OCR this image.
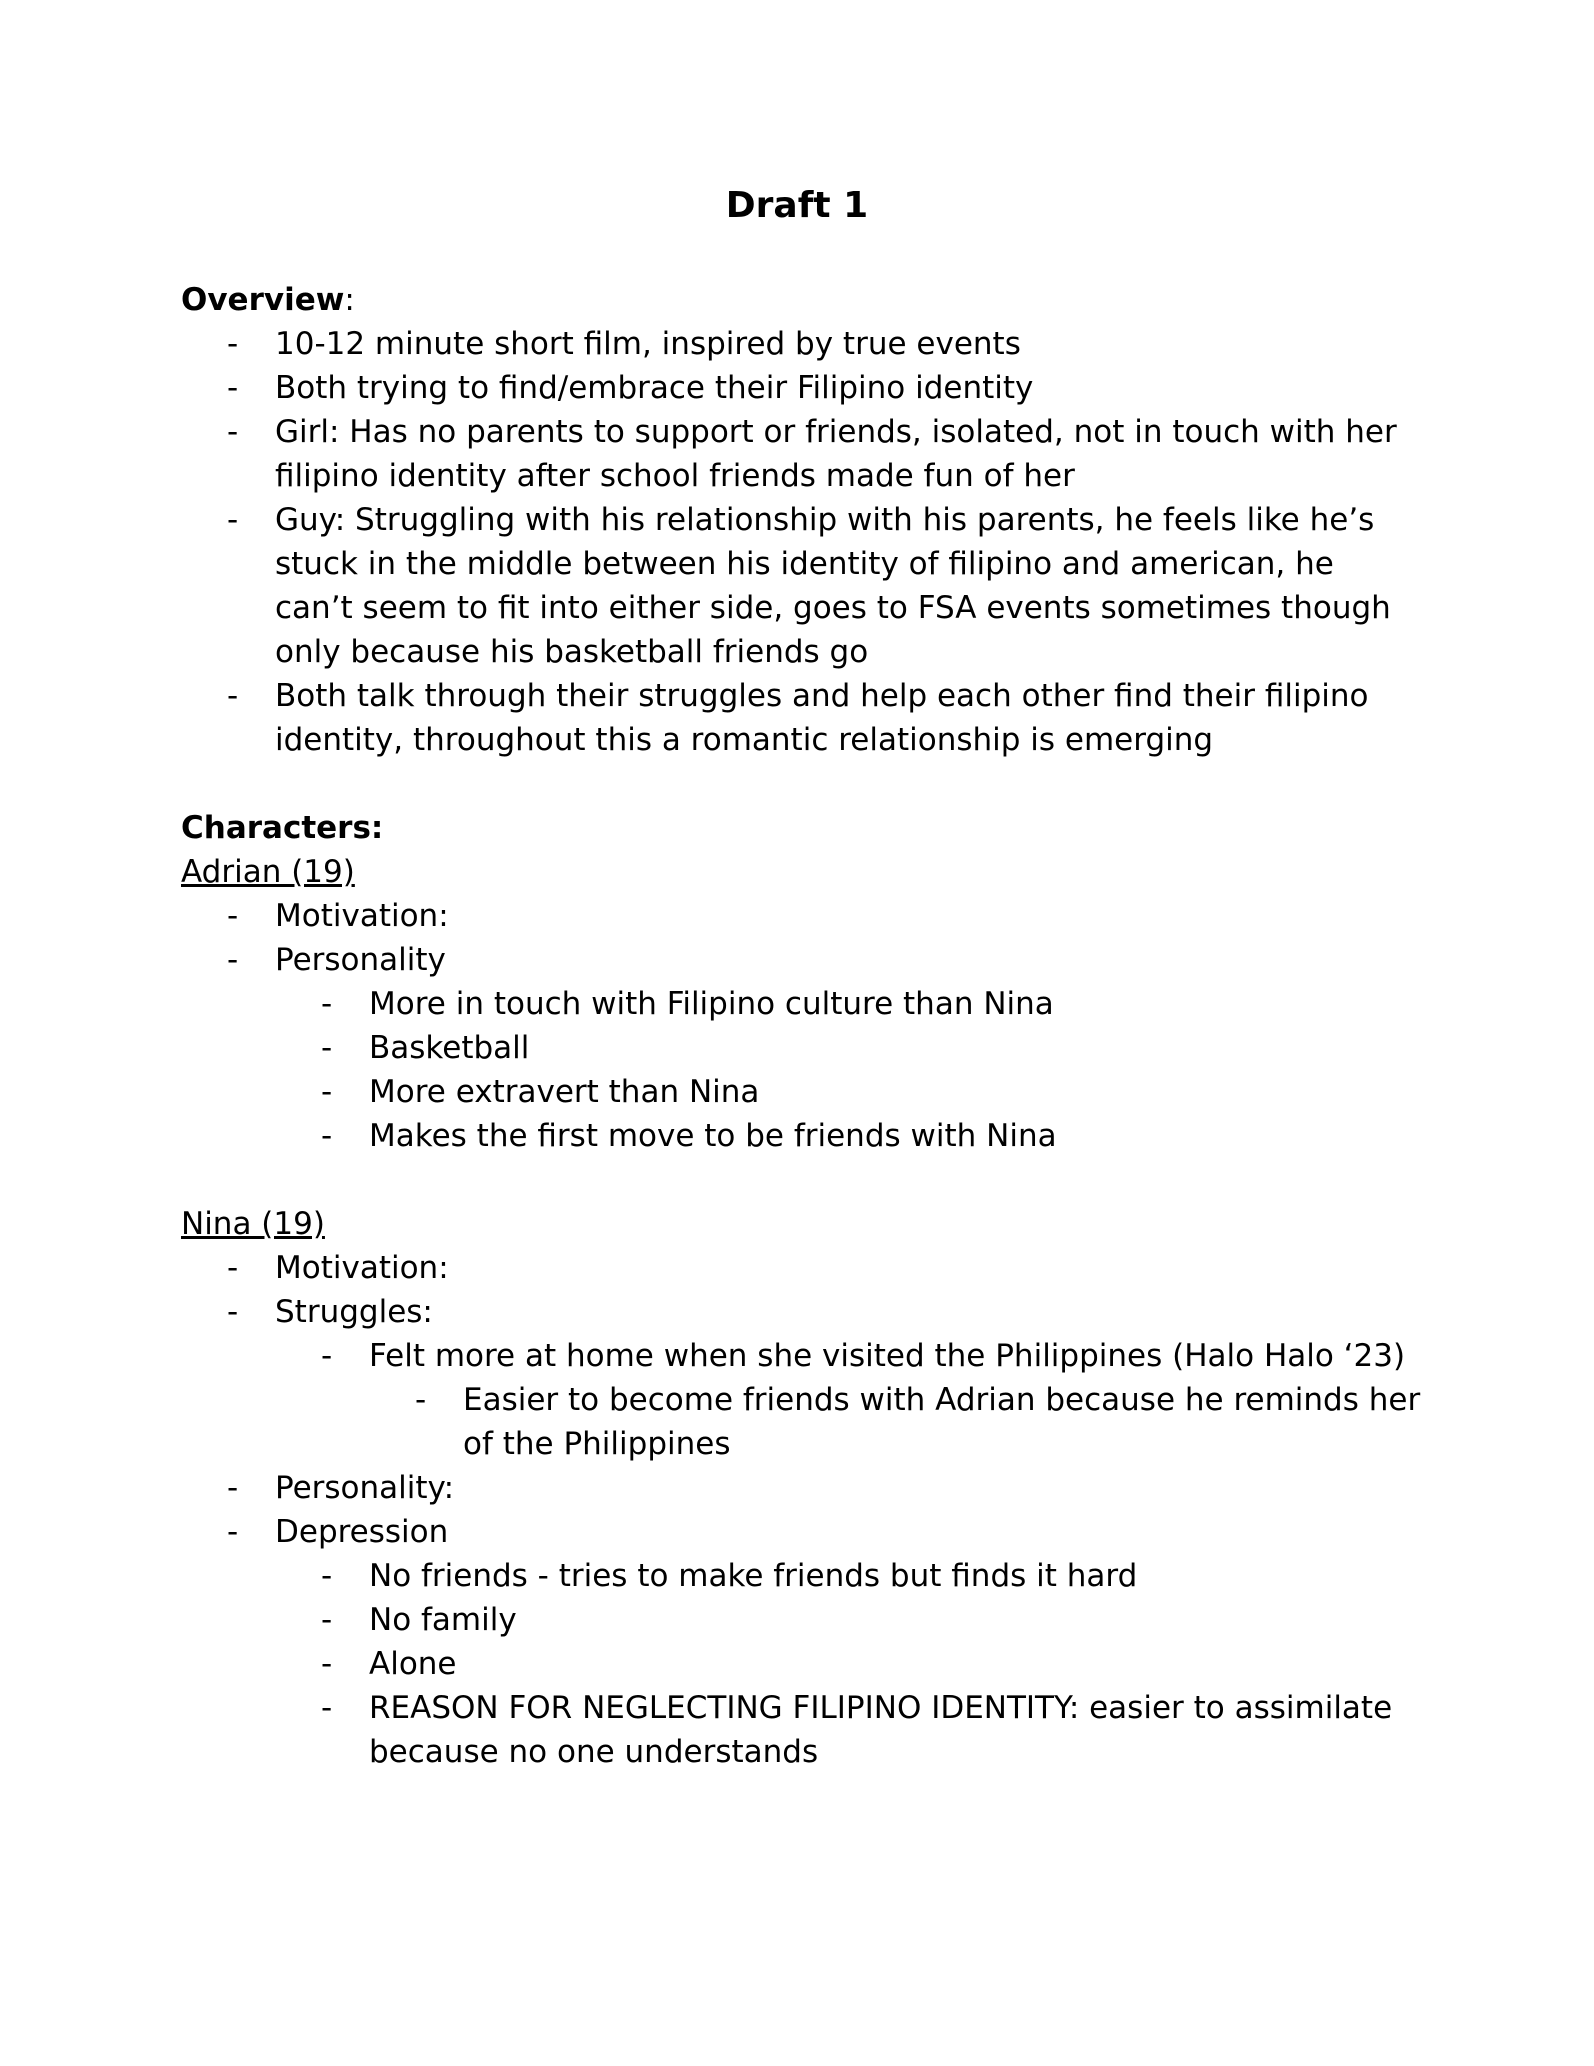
Draft 1
Overview:
- 10-12 minute short film, inspired by true events
- Both trying to find/embrace their Filipino identity
- Girl: Has no parents to support or friends, isolated, not in touch with her filipino identity after school friends made fun of her
- Guy: Struggling with his relationship with his parents, he feels like he’s stuck in the middle between his identity of filipino and american, he can’t seem to fit into either side, goes to FSA events sometimes though only because his basketball friends go
- Both talk through their struggles and help each other find their filipino identity, throughout this a romantic relationship is emerging
Characters:
Adrian (19)
- Motivation:
- Personality
- More in touch with Filipino culture than Nina
- Basketball
- More extravert than Nina
- Makes the first move to be friends with Nina
Nina (19)
- Motivation:
- Struggles:
- Felt more at home when she visited the Philippines (Halo Halo ‘23)
- Easier to become friends with Adrian because he reminds her of the Philippines
- Personality:
- Depression
- No friends - tries to make friends but finds it hard
- No family
- Alone
- REASON FOR NEGLECTING FILIPINO IDENTITY: easier to assimilate because no one understands
